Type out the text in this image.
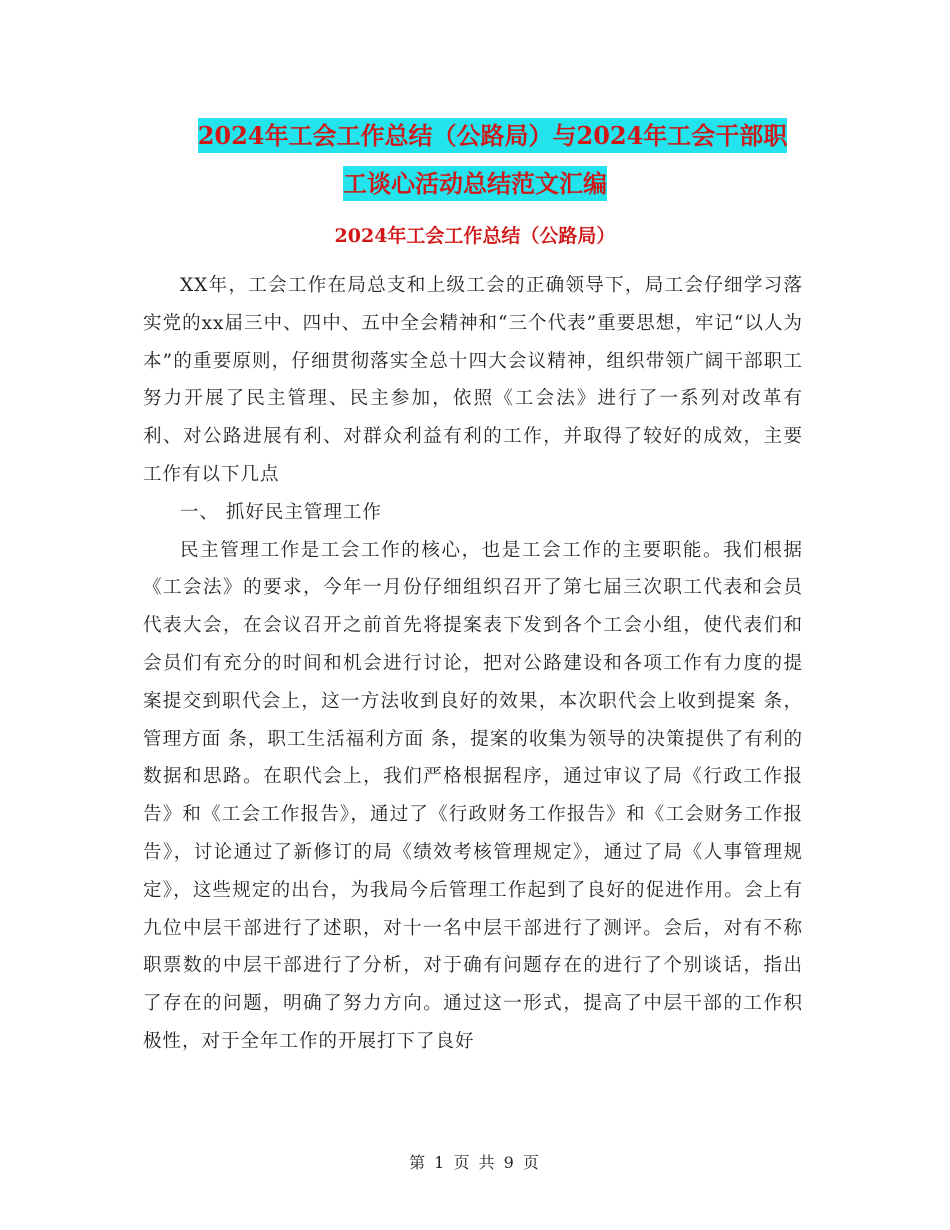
2024年工会工作总结（公路局）与2024年工会干部职
工谈心活动总结范文汇编
2024年工会工作总结（公路局）

XX年，工会工作在局总支和上级工会的正确领导下，局工会仔细学习落实党的xx届三中、四中、五中全会精神和“三个代表”重要思想，牢记“以人为本”的重要原则，仔细贯彻落实全总十四大会议精神，组织带领广阔干部职工努力开展了民主管理、民主参加，依照《工会法》进行了一系列对改革有利、对公路进展有利、对群众利益有利的工作，并取得了较好的成效，主要工作有以下几点

一、 抓好民主管理工作

民主管理工作是工会工作的核心，也是工会工作的主要职能。我们根据《工会法》的要求，今年一月份仔细组织召开了第七届三次职工代表和会员代表大会，在会议召开之前首先将提案表下发到各个工会小组，使代表们和会员们有充分的时间和机会进行讨论，把对公路建设和各项工作有力度的提案提交到职代会上，这一方法收到良好的效果，本次职代会上收到提案 条，管理方面 条，职工生活福利方面 条，提案的收集为领导的决策提供了有利的数据和思路。在职代会上，我们严格根据程序，通过审议了局《行政工作报告》和《工会工作报告》，通过了《行政财务工作报告》和《工会财务工作报告》，讨论通过了新修订的局《绩效考核管理规定》，通过了局《人事管理规定》，这些规定的出台，为我局今后管理工作起到了良好的促进作用。会上有九位中层干部进行了述职，对十一名中层干部进行了测评。会后，对有不称职票数的中层干部进行了分析，对于确有问题存在的进行了个别谈话，指出了存在的问题，明确了努力方向。通过这一形式，提高了中层干部的工作积极性，对于全年工作的开展打下了良好

第 1 页 共 9 页
